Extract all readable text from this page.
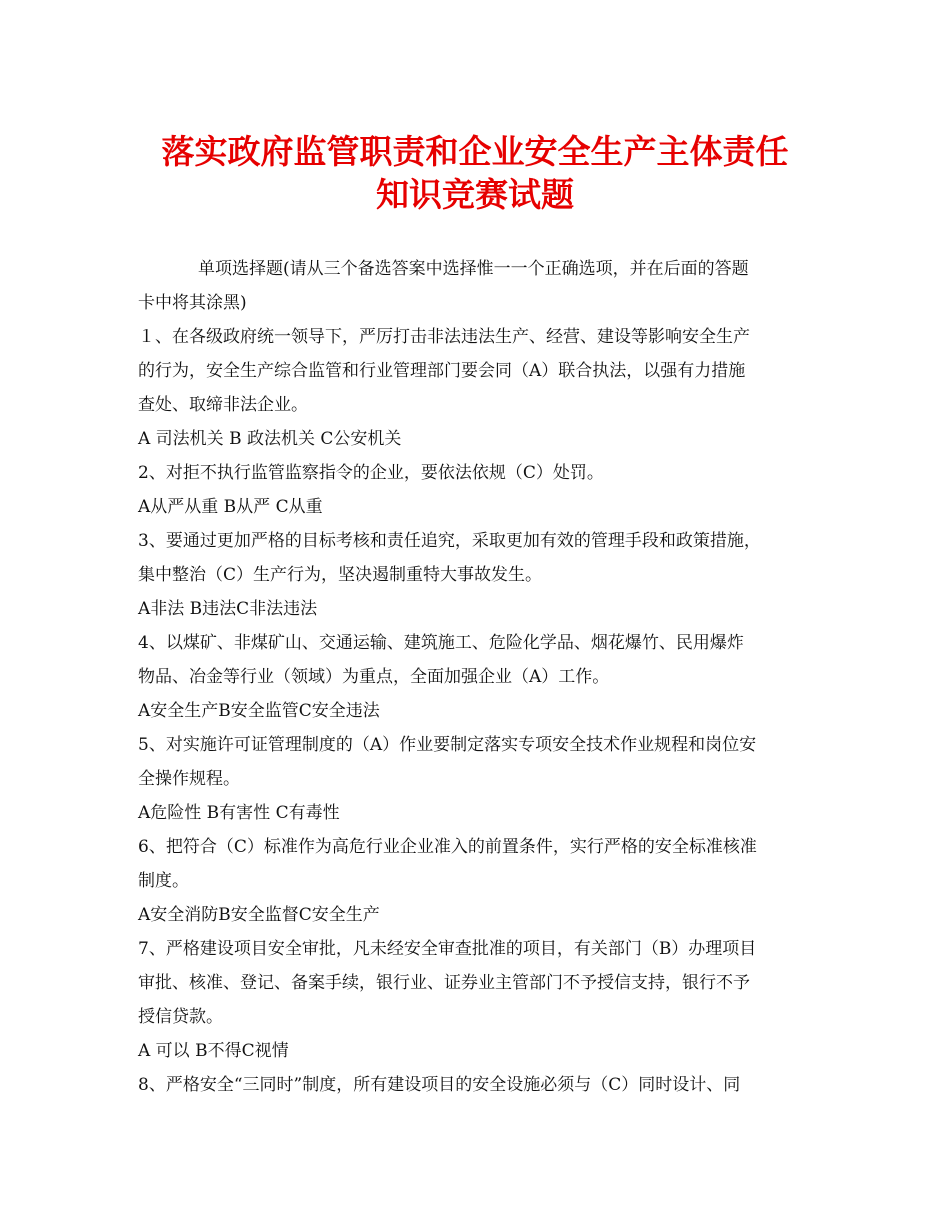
落实政府监管职责和企业安全生产主体责任
知识竞赛试题
单项选择题(请从三个备选答案中选择惟一一个正确选项，并在后面的答题
卡中将其涂黑)
１、在各级政府统一领导下，严厉打击非法违法生产、经营、建设等影响安全生产
的行为，安全生产综合监管和行业管理部门要会同（A）联合执法，以强有力措施
查处、取缔非法企业。
A 司法机关 B 政法机关 C公安机关
2、对拒不执行监管监察指令的企业，要依法依规（C）处罚。
A从严从重 B从严 C从重
3、要通过更加严格的目标考核和责任追究，采取更加有效的管理手段和政策措施，
集中整治（C）生产行为，坚决遏制重特大事故发生。
A非法 B违法C非法违法
4、以煤矿、非煤矿山、交通运输、建筑施工、危险化学品、烟花爆竹、民用爆炸
物品、冶金等行业（领域）为重点，全面加强企业（A）工作。
A安全生产B安全监管C安全违法
5、对实施许可证管理制度的（A）作业要制定落实专项安全技术作业规程和岗位安
全操作规程。
A危险性 B有害性 C有毒性
6、把符合（C）标准作为高危行业企业准入的前置条件，实行严格的安全标准核准
制度。
A安全消防B安全监督C安全生产
7、严格建设项目安全审批，凡未经安全审查批准的项目，有关部门（B）办理项目
审批、核准、登记、备案手续，银行业、证券业主管部门不予授信支持，银行不予
授信贷款。
A 可以 B不得C视情
8、严格安全“三同时”制度，所有建设项目的安全设施必须与（C）同时设计、同
